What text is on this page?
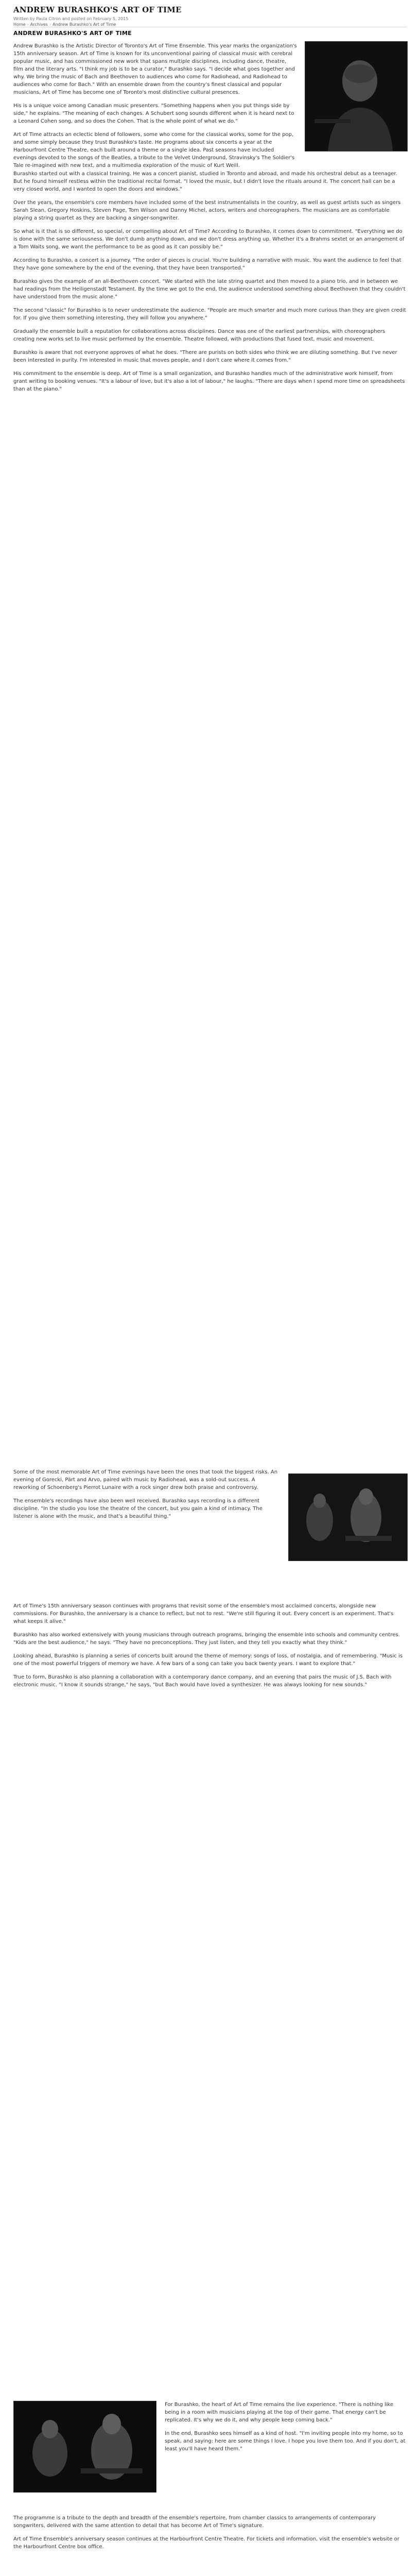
ANDREW BURASHKO'S ART OF TIME
Written by Paula Citron and posted on February 5, 2015
Home › Archives › Andrew Burashko's Art of Time
ANDREW BURASHKO'S ART OF TIME

Andrew Burashko is the Artistic Director of Toronto's Art of Time Ensemble. This year marks the organization's 15th anniversary season. Art of Time is known for its unconventional pairing of classical music with cerebral popular music, and has commissioned new work that spans multiple disciplines, including dance, theatre, film and the literary arts. "I think my job is to be a curator," Burashko says. "I decide what goes together and why. We bring the music of Bach and Beethoven to audiences who come for Radiohead, and Radiohead to audiences who come for Bach." With an ensemble drawn from the country's finest classical and popular musicians, Art of Time has become one of Toronto's most distinctive cultural presences.

His is a unique voice among Canadian music presenters. "Something happens when you put things side by side," he explains. "The meaning of each changes. A Schubert song sounds different when it is heard next to a Leonard Cohen song, and so does the Cohen. That is the whole point of what we do."

Art of Time attracts an eclectic blend of followers, some who come for the classical works, some for the pop, and some simply because they trust Burashko's taste. He programs about six concerts a year at the Harbourfront Centre Theatre, each built around a theme or a single idea. Past seasons have included evenings devoted to the songs of the Beatles, a tribute to the Velvet Underground, Stravinsky's The Soldier's Tale re-imagined with new text, and a multimedia exploration of the music of Kurt Weill.

Burashko started out with a classical training. He was a concert pianist, studied in Toronto and abroad, and made his orchestral debut as a teenager. But he found himself restless within the traditional recital format. "I loved the music, but I didn't love the rituals around it. The concert hall can be a very closed world, and I wanted to open the doors and windows."

Over the years, the ensemble's core members have included some of the best instrumentalists in the country, as well as guest artists such as singers Sarah Slean, Gregory Hoskins, Steven Page, Tom Wilson and Danny Michel, actors, writers and choreographers. The musicians are as comfortable playing a string quartet as they are backing a singer-songwriter.

So what is it that is so different, so special, or compelling about Art of Time? According to Burashko, it comes down to commitment. "Everything we do is done with the same seriousness. We don't dumb anything down, and we don't dress anything up. Whether it's a Brahms sextet or an arrangement of a Tom Waits song, we want the performance to be as good as it can possibly be."

According to Burashko, a concert is a journey. "The order of pieces is crucial. You're building a narrative with music. You want the audience to feel that they have gone somewhere by the end of the evening, that they have been transported."

Burashko gives the example of an all-Beethoven concert. "We started with the late string quartet and then moved to a piano trio, and in between we had readings from the Heiligenstadt Testament. By the time we got to the end, the audience understood something about Beethoven that they couldn't have understood from the music alone."

The second "classic" for Burashko is to never underestimate the audience. "People are much smarter and much more curious than they are given credit for. If you give them something interesting, they will follow you anywhere."

Gradually the ensemble built a reputation for collaborations across disciplines. Dance was one of the earliest partnerships, with choreographers creating new works set to live music performed by the ensemble. Theatre followed, with productions that fused text, music and movement.

Burashko is aware that not everyone approves of what he does. "There are purists on both sides who think we are diluting something. But I've never been interested in purity. I'm interested in music that moves people, and I don't care where it comes from."

His commitment to the ensemble is deep. Art of Time is a small organization, and Burashko handles much of the administrative work himself, from grant writing to booking venues. "It's a labour of love, but it's also a lot of labour," he laughs. "There are days when I spend more time on spreadsheets than at the piano."

Some of the most memorable Art of Time evenings have been the ones that took the biggest risks. An evening of Gorecki, Pärt and Arvo, paired with music by Radiohead, was a sold-out success. A reworking of Schoenberg's Pierrot Lunaire with a rock singer drew both praise and controversy.

The ensemble's recordings have also been well received. Burashko says recording is a different discipline. "In the studio you lose the theatre of the concert, but you gain a kind of intimacy. The listener is alone with the music, and that's a beautiful thing."

Art of Time's 15th anniversary season continues with programs that revisit some of the ensemble's most acclaimed concerts, alongside new commissions. For Burashko, the anniversary is a chance to reflect, but not to rest. "We're still figuring it out. Every concert is an experiment. That's what keeps it alive."

Burashko has also worked extensively with young musicians through outreach programs, bringing the ensemble into schools and community centres. "Kids are the best audience," he says. "They have no preconceptions. They just listen, and they tell you exactly what they think."

Looking ahead, Burashko is planning a series of concerts built around the theme of memory: songs of loss, of nostalgia, and of remembering. "Music is one of the most powerful triggers of memory we have. A few bars of a song can take you back twenty years. I want to explore that."

True to form, Burashko is also planning a collaboration with a contemporary dance company, and an evening that pairs the music of J.S. Bach with electronic music. "I know it sounds strange," he says, "but Bach would have loved a synthesizer. He was always looking for new sounds."

For Burashko, the heart of Art of Time remains the live experience. "There is nothing like being in a room with musicians playing at the top of their game. That energy can't be replicated. It's why we do it, and why people keep coming back."

In the end, Burashko sees himself as a kind of host. "I'm inviting people into my home, so to speak, and saying: here are some things I love. I hope you love them too. And if you don't, at least you'll have heard them."

The programme is a tribute to the depth and breadth of the ensemble's repertoire, from chamber classics to arrangements of contemporary songwriters, delivered with the same attention to detail that has become Art of Time's signature.

Art of Time Ensemble's anniversary season continues at the Harbourfront Centre Theatre. For tickets and information, visit the ensemble's website or the Harbourfront Centre box office.
